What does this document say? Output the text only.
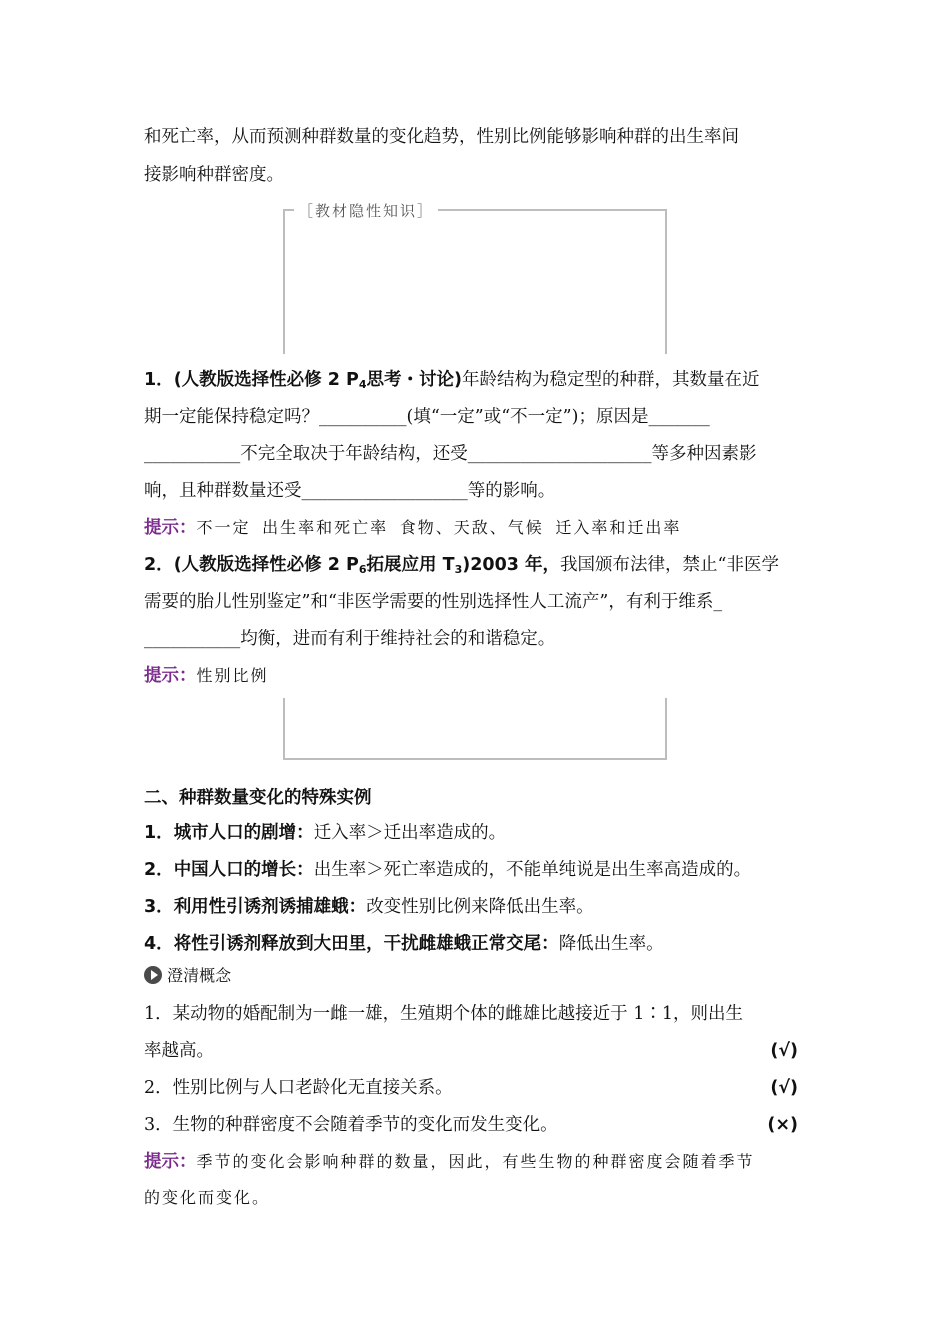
和死亡率，从而预测种群数量的变化趋势，性别比例能够影响种群的出生率间
接影响种群密度。
［教材隐性知识］
1．(人教版选择性必修 2 $P_4$思考・讨论)年龄结构为稳定型的种群，其数量在近
期一定能保持稳定吗？__________(填“一定”或“不一定”)；原因是_______
___________不完全取决于年龄结构，还受_____________________等多种因素影
响，且种群数量还受___________________等的影响。
提示：不一定 出生率和死亡率 食物、天敌、气候 迁入率和迁出率
2．(人教版选择性必修 2 $P_6$拓展应用 $T_3)2003$ 年，我国颁布法律，禁止“非医学
需要的胎儿性别鉴定”和“非医学需要的性别选择性人工流产”，有利于维系_
___________均衡，进而有利于维持社会的和谐稳定。
提示：性别比例
二、种群数量变化的特殊实例
1．城市人口的剧增：迁入率＞迁出率造成的。
2．中国人口的增长：出生率＞死亡率造成的，不能单纯说是出生率高造成的。
3．利用性引诱剂诱捕雄蛾：改变性别比例来降低出生率。
4．将性引诱剂释放到大田里，干扰雌雄蛾正常交尾：降低出生率。
澄清概念
1．某动物的婚配制为一雌一雄，生殖期个体的雌雄比越接近于 1∶1，则出生
率越高。	(√)
2．性别比例与人口老龄化无直接关系。	(√)
3．生物的种群密度不会随着季节的变化而发生变化。	(×)
提示：季节的变化会影响种群的数量，因此，有些生物的种群密度会随着季节
的变化而变化。
